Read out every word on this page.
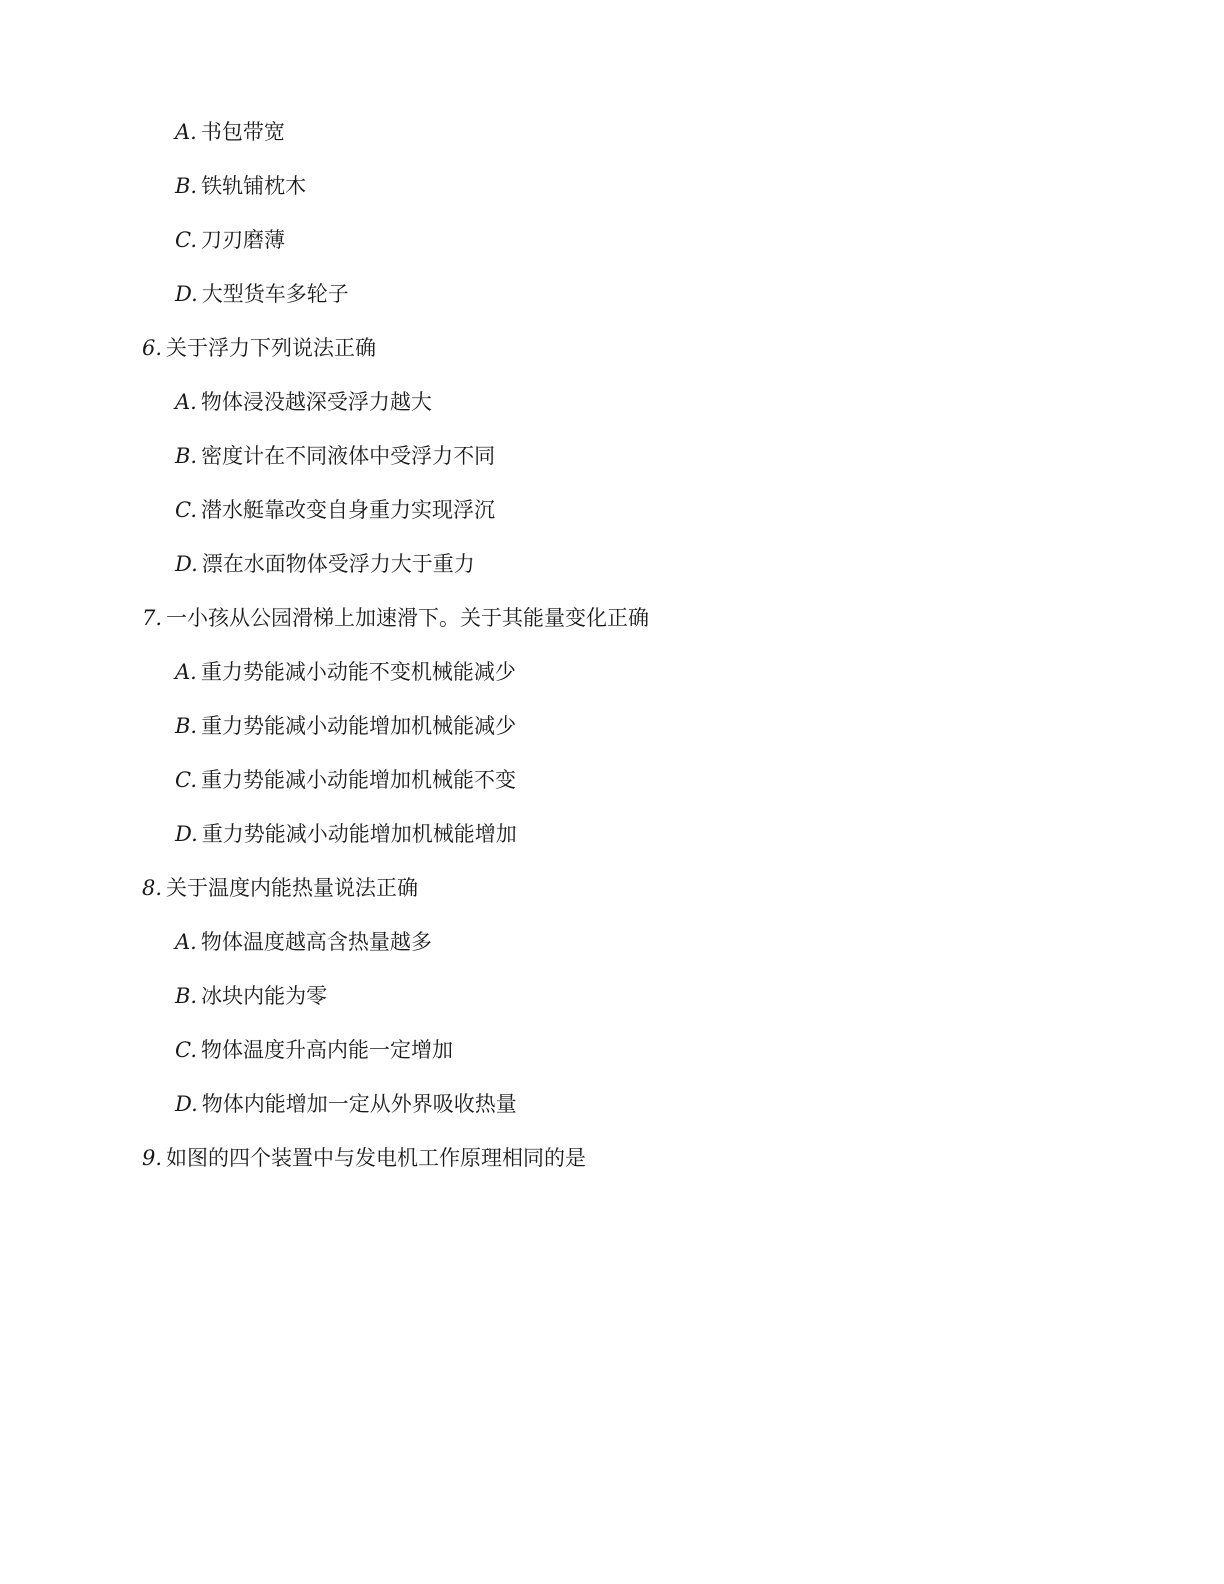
A. 书包带宽
B. 铁轨铺枕木
C. 刀刃磨薄
D. 大型货车多轮子
6. 关于浮力下列说法正确
A. 物体浸没越深受浮力越大
B. 密度计在不同液体中受浮力不同
C. 潜水艇靠改变自身重力实现浮沉
D. 漂在水面物体受浮力大于重力
7. 一小孩从公园滑梯上加速滑下。关于其能量变化正确
A. 重力势能减小动能不变机械能减少
B. 重力势能减小动能增加机械能减少
C. 重力势能减小动能增加机械能不变
D. 重力势能减小动能增加机械能增加
8. 关于温度内能热量说法正确
A. 物体温度越高含热量越多
B. 冰块内能为零
C. 物体温度升高内能一定增加
D. 物体内能增加一定从外界吸收热量
9. 如图的四个装置中与发电机工作原理相同的是
